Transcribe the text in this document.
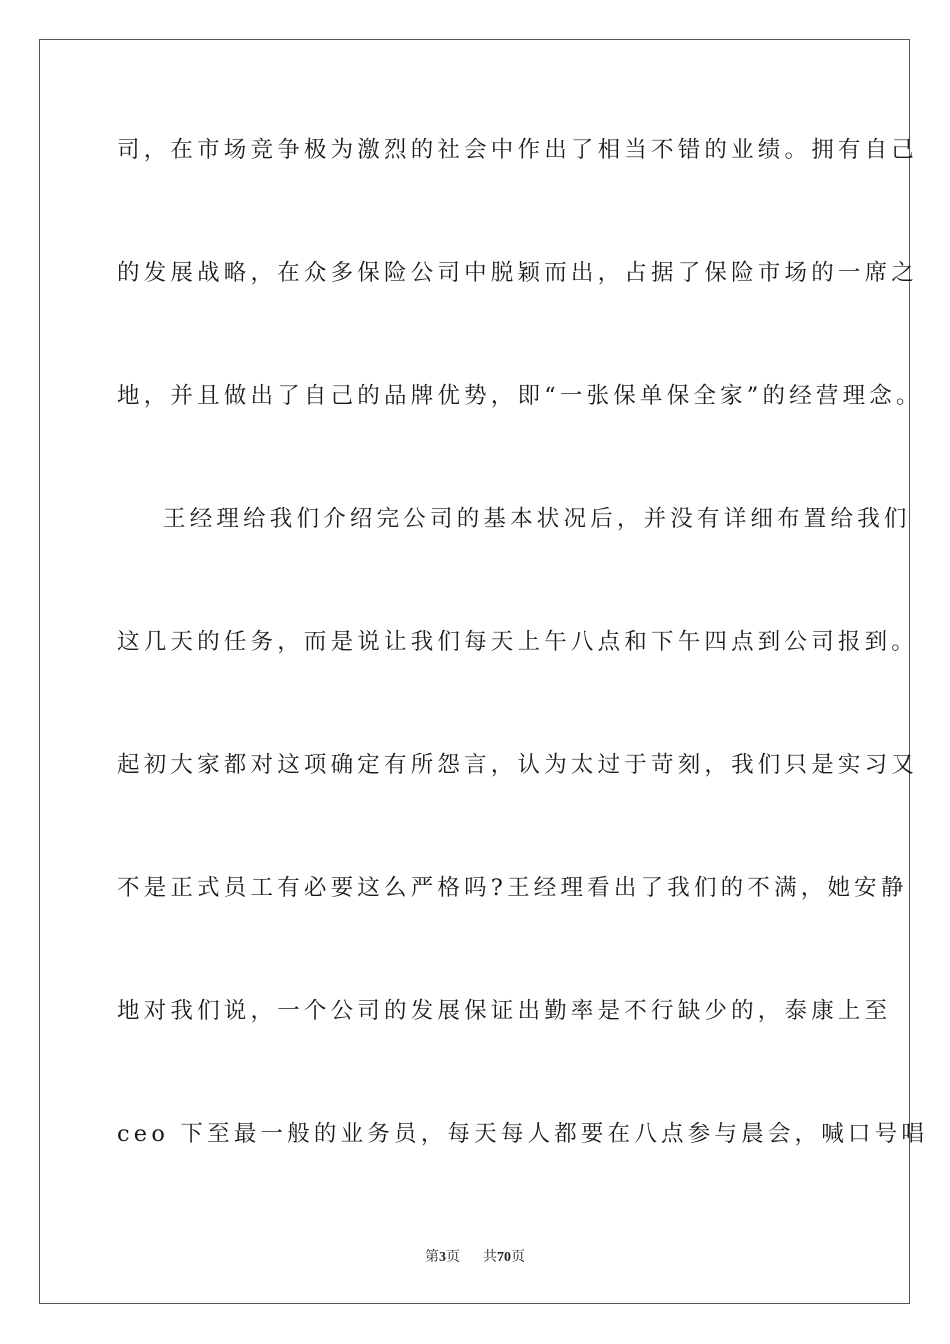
司，在市场竞争极为激烈的社会中作出了相当不错的业绩。拥有自己
的发展战略，在众多保险公司中脱颖而出，占据了保险市场的一席之
地，并且做出了自己的品牌优势，即“一张保单保全家”的经营理念。
王经理给我们介绍完公司的基本状况后，并没有详细布置给我们
这几天的任务，而是说让我们每天上午八点和下午四点到公司报到。
起初大家都对这项确定有所怨言，认为太过于苛刻，我们只是实习又
不是正式员工有必要这么严格吗?王经理看出了我们的不满，她安静
地对我们说，一个公司的发展保证出勤率是不行缺少的，泰康上至
ceo 下至最一般的业务员，每天每人都要在八点参与晨会，喊口号唱
第3页 共70页
